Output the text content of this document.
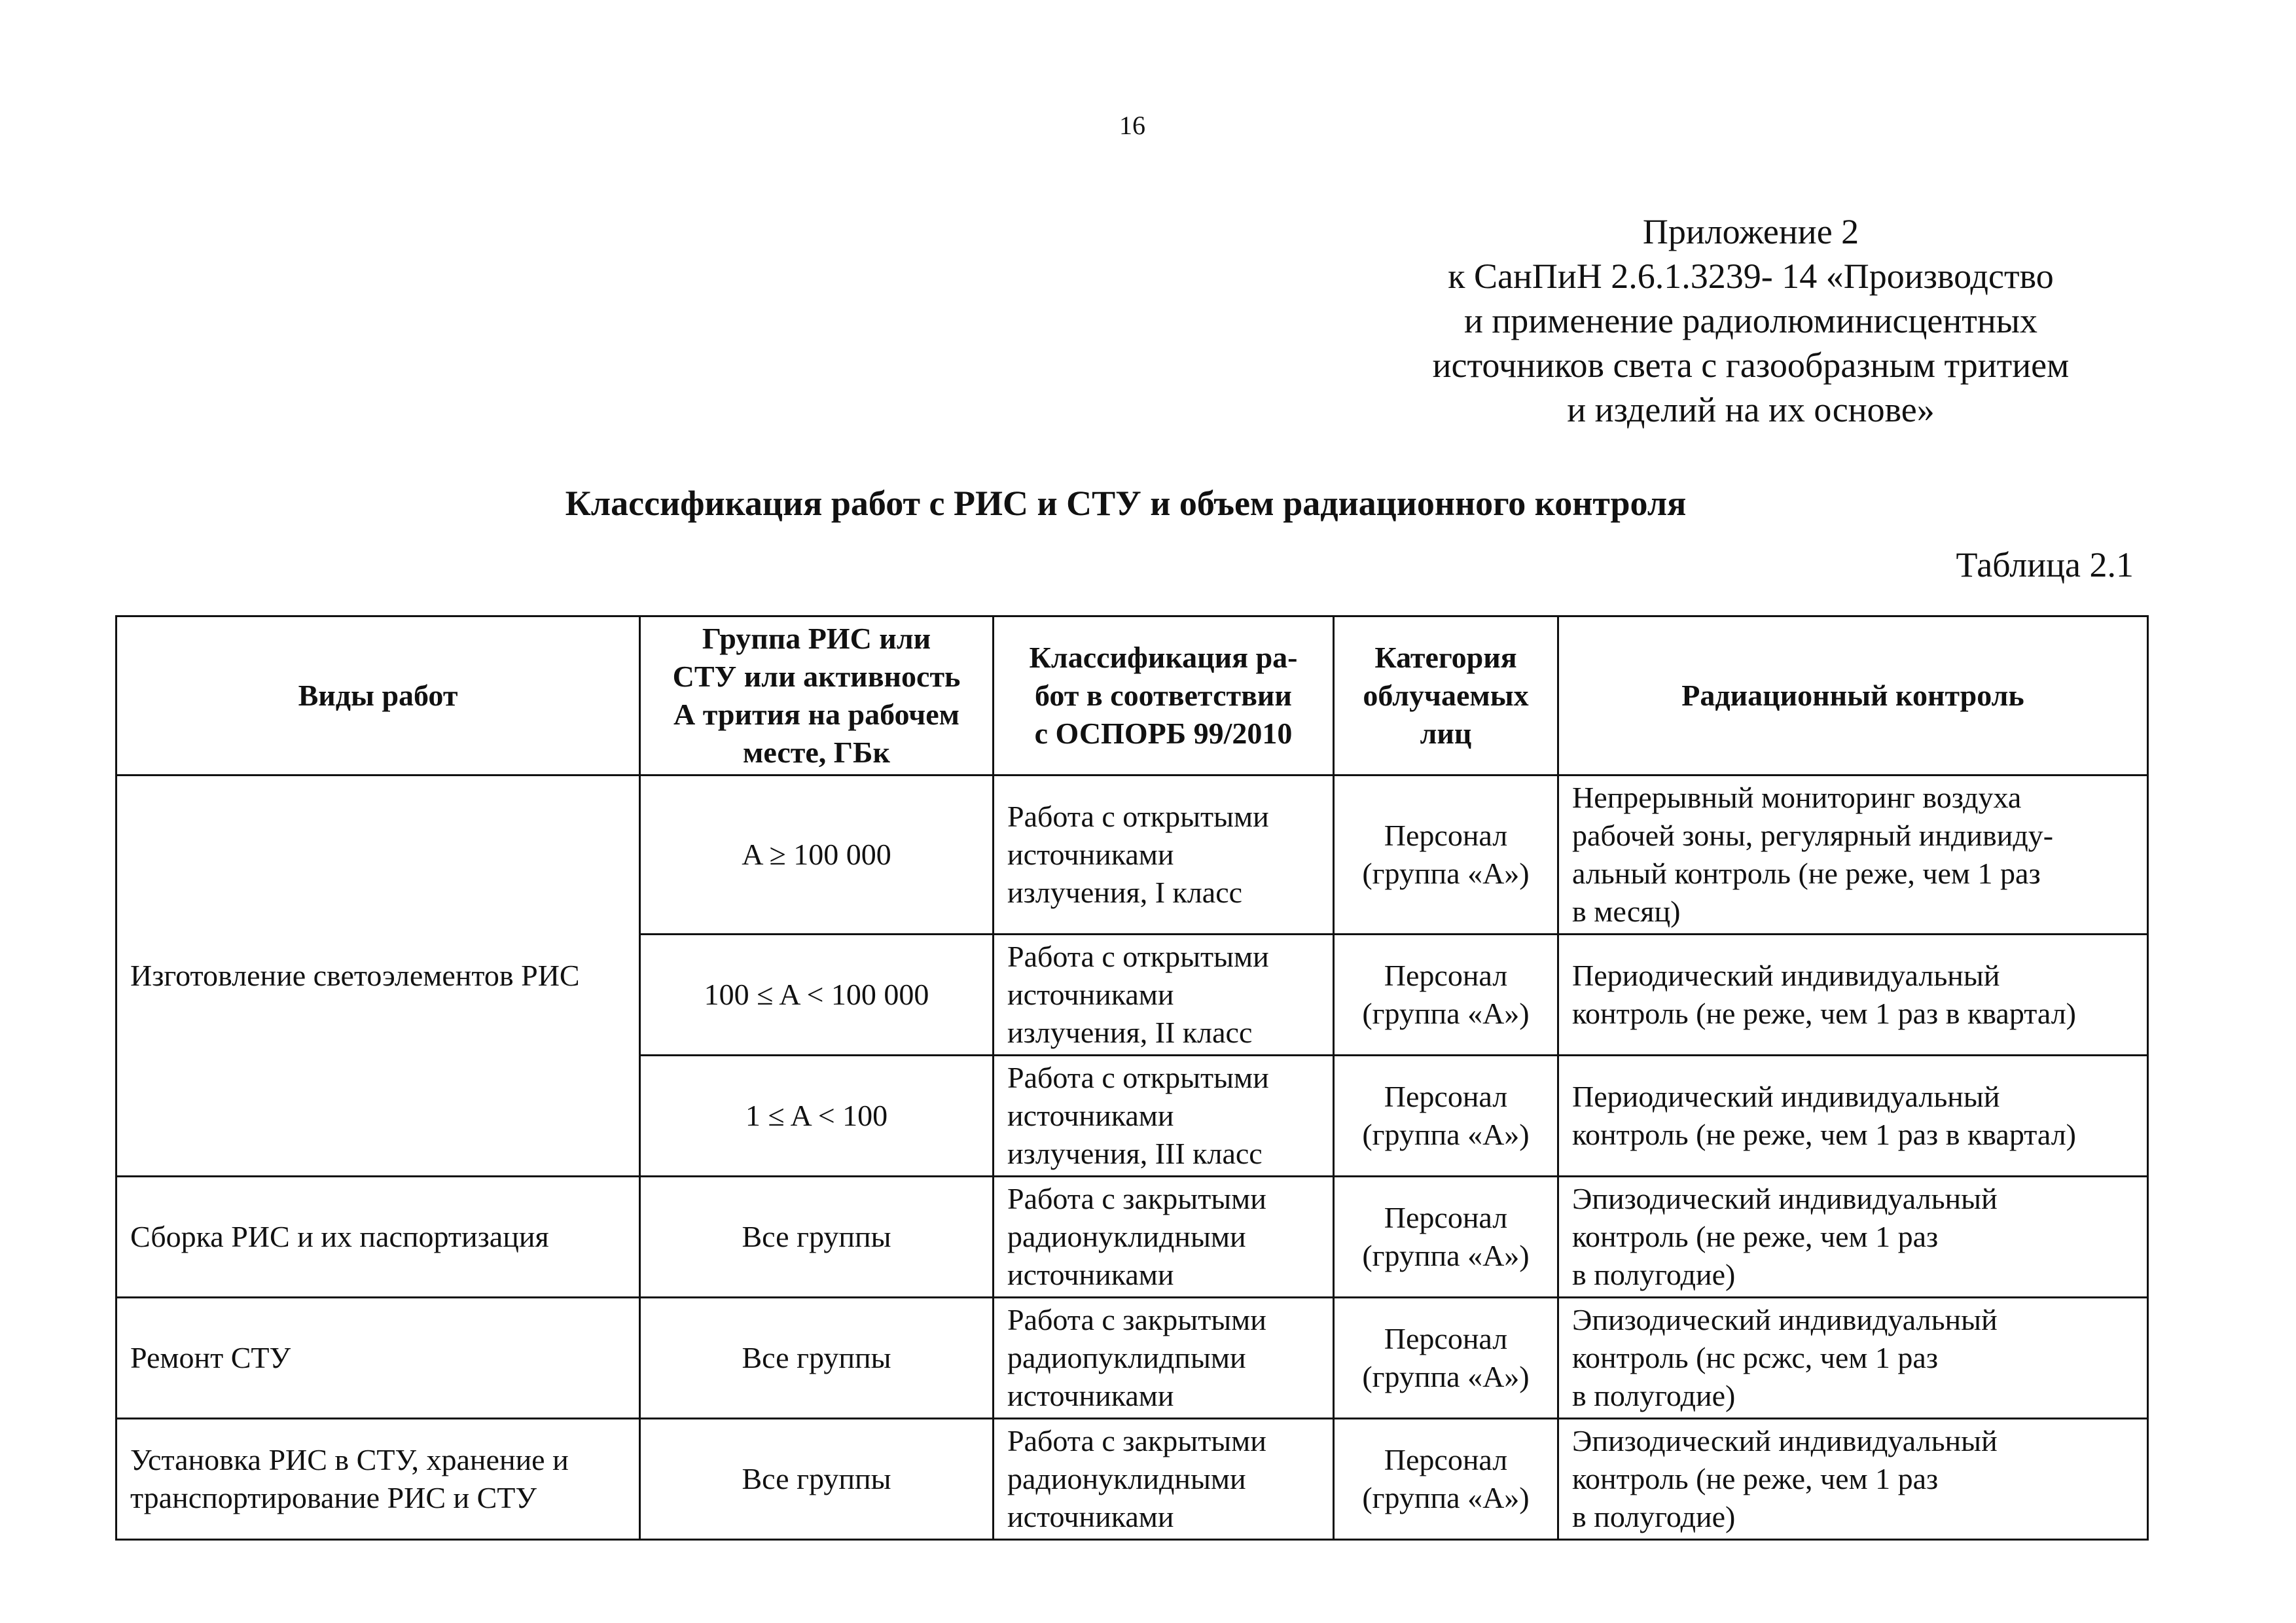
16
Приложение 2
к СанПиН 2.6.1.3239- 14 «Производство
и применение радиолюминисцентных
источников света с газообразным тритием
и изделий на их основе»
Классификация работ с РИС и СТУ и объем радиационного контроля
Таблица 2.1
Виды работ	Группа РИС или
СТУ или активность
А трития на рабочем
месте, ГБк	Классификация ра-
бот в соответствии
с ОСПОРБ 99/2010	Категория
облучаемых
лиц	Радиационный контроль

Изготовление светоэлементов РИС	A ≥ 100 000	Работа с открытыми
источниками
излучения, I класс	Персонал
(группа «А»)	Непрерывный мониторинг воздуха
рабочей зоны, регулярный индивиду-
альный контроль (не реже, чем 1 раз
в месяц)

	100 ≤ A < 100 000	Работа с открытыми
источниками
излучения, II класс	Персонал
(группа «А»)	Периодический индивидуальный
контроль (не реже, чем 1 раз в квартал)

	1 ≤ A < 100	Работа с открытыми
источниками
излучения, III класс	Персонал
(группа «А»)	Периодический индивидуальный
контроль (не реже, чем 1 раз в квартал)

Сборка РИС и их паспортизация	Все группы	Работа с закрытыми
радионуклидными
источниками	Персонал
(группа «А»)	Эпизодический индивидуальный
контроль (не реже, чем 1 раз
в полугодие)

Ремонт СТУ	Все группы	Работа с закрытыми
радиопуклидпыми
источниками	Персонал
(группа «А»)	Эпизодический индивидуальный
контроль (нс рсжс, чем 1 раз
в полугодие)

Установка РИС в СТУ, хранение и
транспортирование РИС и СТУ	Все группы	Работа с закрытыми
радионуклидными
источниками	Персонал
(группа «А»)	Эпизодический индивидуальный
контроль (не реже, чем 1 раз
в полугодие)
